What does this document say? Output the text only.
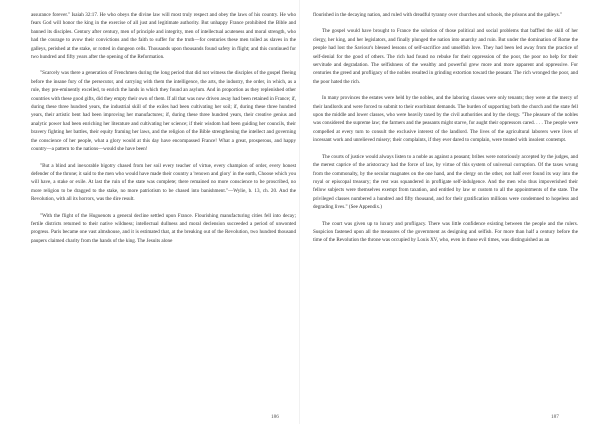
assurance forever." Isaiah 32:17. He who obeys the divine law will most truly respect and obey the laws of his country. He who fears God will honor the king in the exercise of all just and legitimate authority. But unhappy France prohibited the Bible and banned its disciples. Century after century, men of principle and integrity, men of intellectual acuteness and moral strength, who had the courage to avow their convictions and the faith to suffer for the truth—for centuries these men toiled as slaves in the galleys, perished at the stake, or rotted in dungeon cells. Thousands upon thousands found safety in flight; and this continued for two hundred and fifty years after the opening of the Reformation.

"Scarcely was there a generation of Frenchmen during the long period that did not witness the disciples of the gospel fleeing before the insane fury of the persecutor, and carrying with them the intelligence, the arts, the industry, the order, in which, as a rule, they pre-eminently excelled, to enrich the lands in which they found an asylum. And in proportion as they replenished other countries with these good gifts, did they empty their own of them. If all that was now driven away had been retained in France; if, during these three hundred years, the industrial skill of the exiles had been cultivating her soil; if, during these three hundred years, their artistic bent had been improving her manufactures; if, during these three hundred years, their creative genius and analytic power had been enriching her literature and cultivating her science; if their wisdom had been guiding her councils, their bravery fighting her battles, their equity framing her laws, and the religion of the Bible strengthening the intellect and governing the conscience of her people, what a glory would at this day have encompassed France! What a great, prosperous, and happy country—a pattern to the nations—would she have been!

"But a blind and inexorable bigotry chased from her soil every teacher of virtue, every champion of order, every honest defender of the throne; it said to the men who would have made their country a 'renown and glory' in the earth, Choose which you will have, a stake or exile. At last the ruin of the state was complete; there remained no more conscience to be proscribed, no more religion to be dragged to the stake, no more patriotism to be chased into banishment."—Wylie, b. 13, ch. 20. And the Revolution, with all its horrors, was the dire result.

"With the flight of the Huguenots a general decline settled upon France. Flourishing manufacturing cities fell into decay; fertile districts returned to their native wildness; intellectual dullness and moral declension succeeded a period of unwonted progress. Paris became one vast almshouse, and it is estimated that, at the breaking out of the Revolution, two hundred thousand paupers claimed charity from the hands of the king. The Jesuits alone

flourished in the decaying nation, and ruled with dreadful tyranny over churches and schools, the prisons and the galleys."

The gospel would have brought to France the solution of those political and social problems that baffled the skill of her clergy, her king, and her legislators, and finally plunged the nation into anarchy and ruin. But under the domination of Rome the people had lost the Saviour's blessed lessons of self-sacrifice and unselfish love. They had been led away from the practice of self-denial for the good of others. The rich had found no rebuke for their oppression of the poor, the poor no help for their servitude and degradation. The selfishness of the wealthy and powerful grew more and more apparent and oppressive. For centuries the greed and profligacy of the nobles resulted in grinding extortion toward the peasant. The rich wronged the poor, and the poor hated the rich.

In many provinces the estates were held by the nobles, and the laboring classes were only tenants; they were at the mercy of their landlords and were forced to submit to their exorbitant demands. The burden of supporting both the church and the state fell upon the middle and lower classes, who were heavily taxed by the civil authorities and by the clergy. "The pleasure of the nobles was considered the supreme law; the farmers and the peasants might starve, for aught their oppressors cared. . . . The people were compelled at every turn to consult the exclusive interest of the landlord. The lives of the agricultural laborers were lives of incessant work and unrelieved misery; their complaints, if they ever dared to complain, were treated with insolent contempt.

The courts of justice would always listen to a noble as against a peasant; bribes were notoriously accepted by the judges, and the merest caprice of the aristocracy had the force of law, by virtue of this system of universal corruption. Of the taxes wrung from the commonalty, by the secular magnates on the one hand, and the clergy on the other, not half ever found its way into the royal or episcopal treasury; the rest was squandered in profligate self-indulgence. And the men who thus impoverished their fellow subjects were themselves exempt from taxation, and entitled by law or custom to all the appointments of the state. The privileged classes numbered a hundred and fifty thousand, and for their gratification millions were condemned to hopeless and degrading lives." (See Appendix.)

The court was given up to luxury and profligacy. There was little confidence existing between the people and the rulers. Suspicion fastened upon all the measures of the government as designing and selfish. For more than half a century before the time of the Revolution the throne was occupied by Louis XV, who, even in those evil times, was distinguished as an

186	187
